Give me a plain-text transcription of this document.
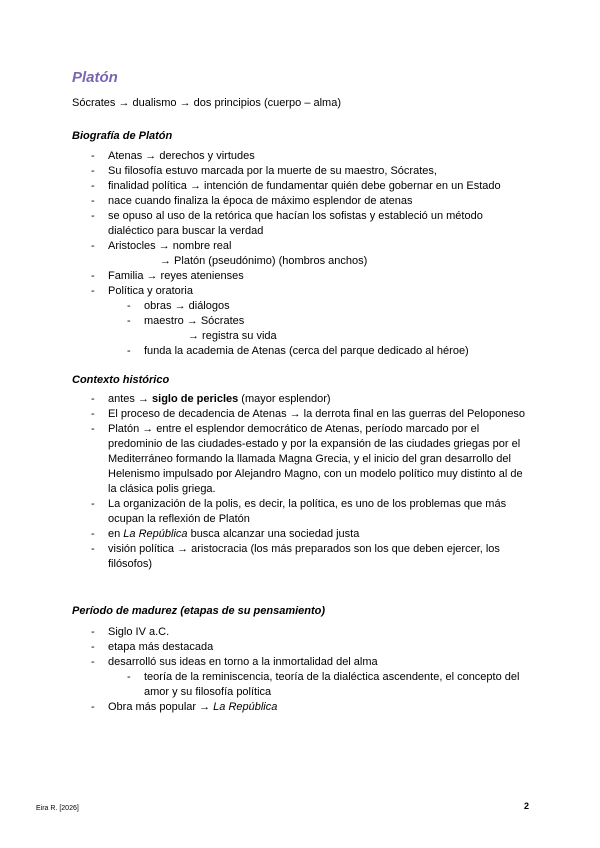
Platón
Sócrates → dualismo → dos principios (cuerpo – alma)
Biografía de Platón
- Atenas → derechos y virtudes
- Su filosofía estuvo marcada por la muerte de su maestro, Sócrates,
- finalidad política → intención de fundamentar quién debe gobernar en un Estado
- nace cuando finaliza la época de máximo esplendor de atenas
- se opuso al uso de la retórica que hacían los sofistas y estableció un método dialéctico para buscar la verdad
- Aristocles → nombre real
→ Platón (pseudónimo) (hombros anchos)
- Familia → reyes atenienses
- Política y oratoria
- obras → diálogos
- maestro → Sócrates
→ registra su vida
- funda la academia de Atenas (cerca del parque dedicado al héroe)
Contexto histórico
- antes → siglo de pericles (mayor esplendor)
- El proceso de decadencia de Atenas → la derrota final en las guerras del Peloponeso
- Platón → entre el esplendor democrático de Atenas, período marcado por el predominio de las ciudades-estado y por la expansión de las ciudades griegas por el Mediterráneo formando la llamada Magna Grecia, y el inicio del gran desarrollo del Helenismo impulsado por Alejandro Magno, con un modelo político muy distinto al de la clásica polis griega.
- La organización de la polis, es decir, la política, es uno de los problemas que más ocupan la reflexión de Platón
- en La República busca alcanzar una sociedad justa
- visión política → aristocracia (los más preparados son los que deben ejercer, los filósofos)
Período de madurez (etapas de su pensamiento)
- Siglo IV a.C.
- etapa más destacada
- desarrolló sus ideas en torno a la inmortalidad del alma
- teoría de la reminiscencia, teoría de la dialéctica ascendente, el concepto del amor y su filosofía política
- Obra más popular → La República
Eira R. [2026]	2
